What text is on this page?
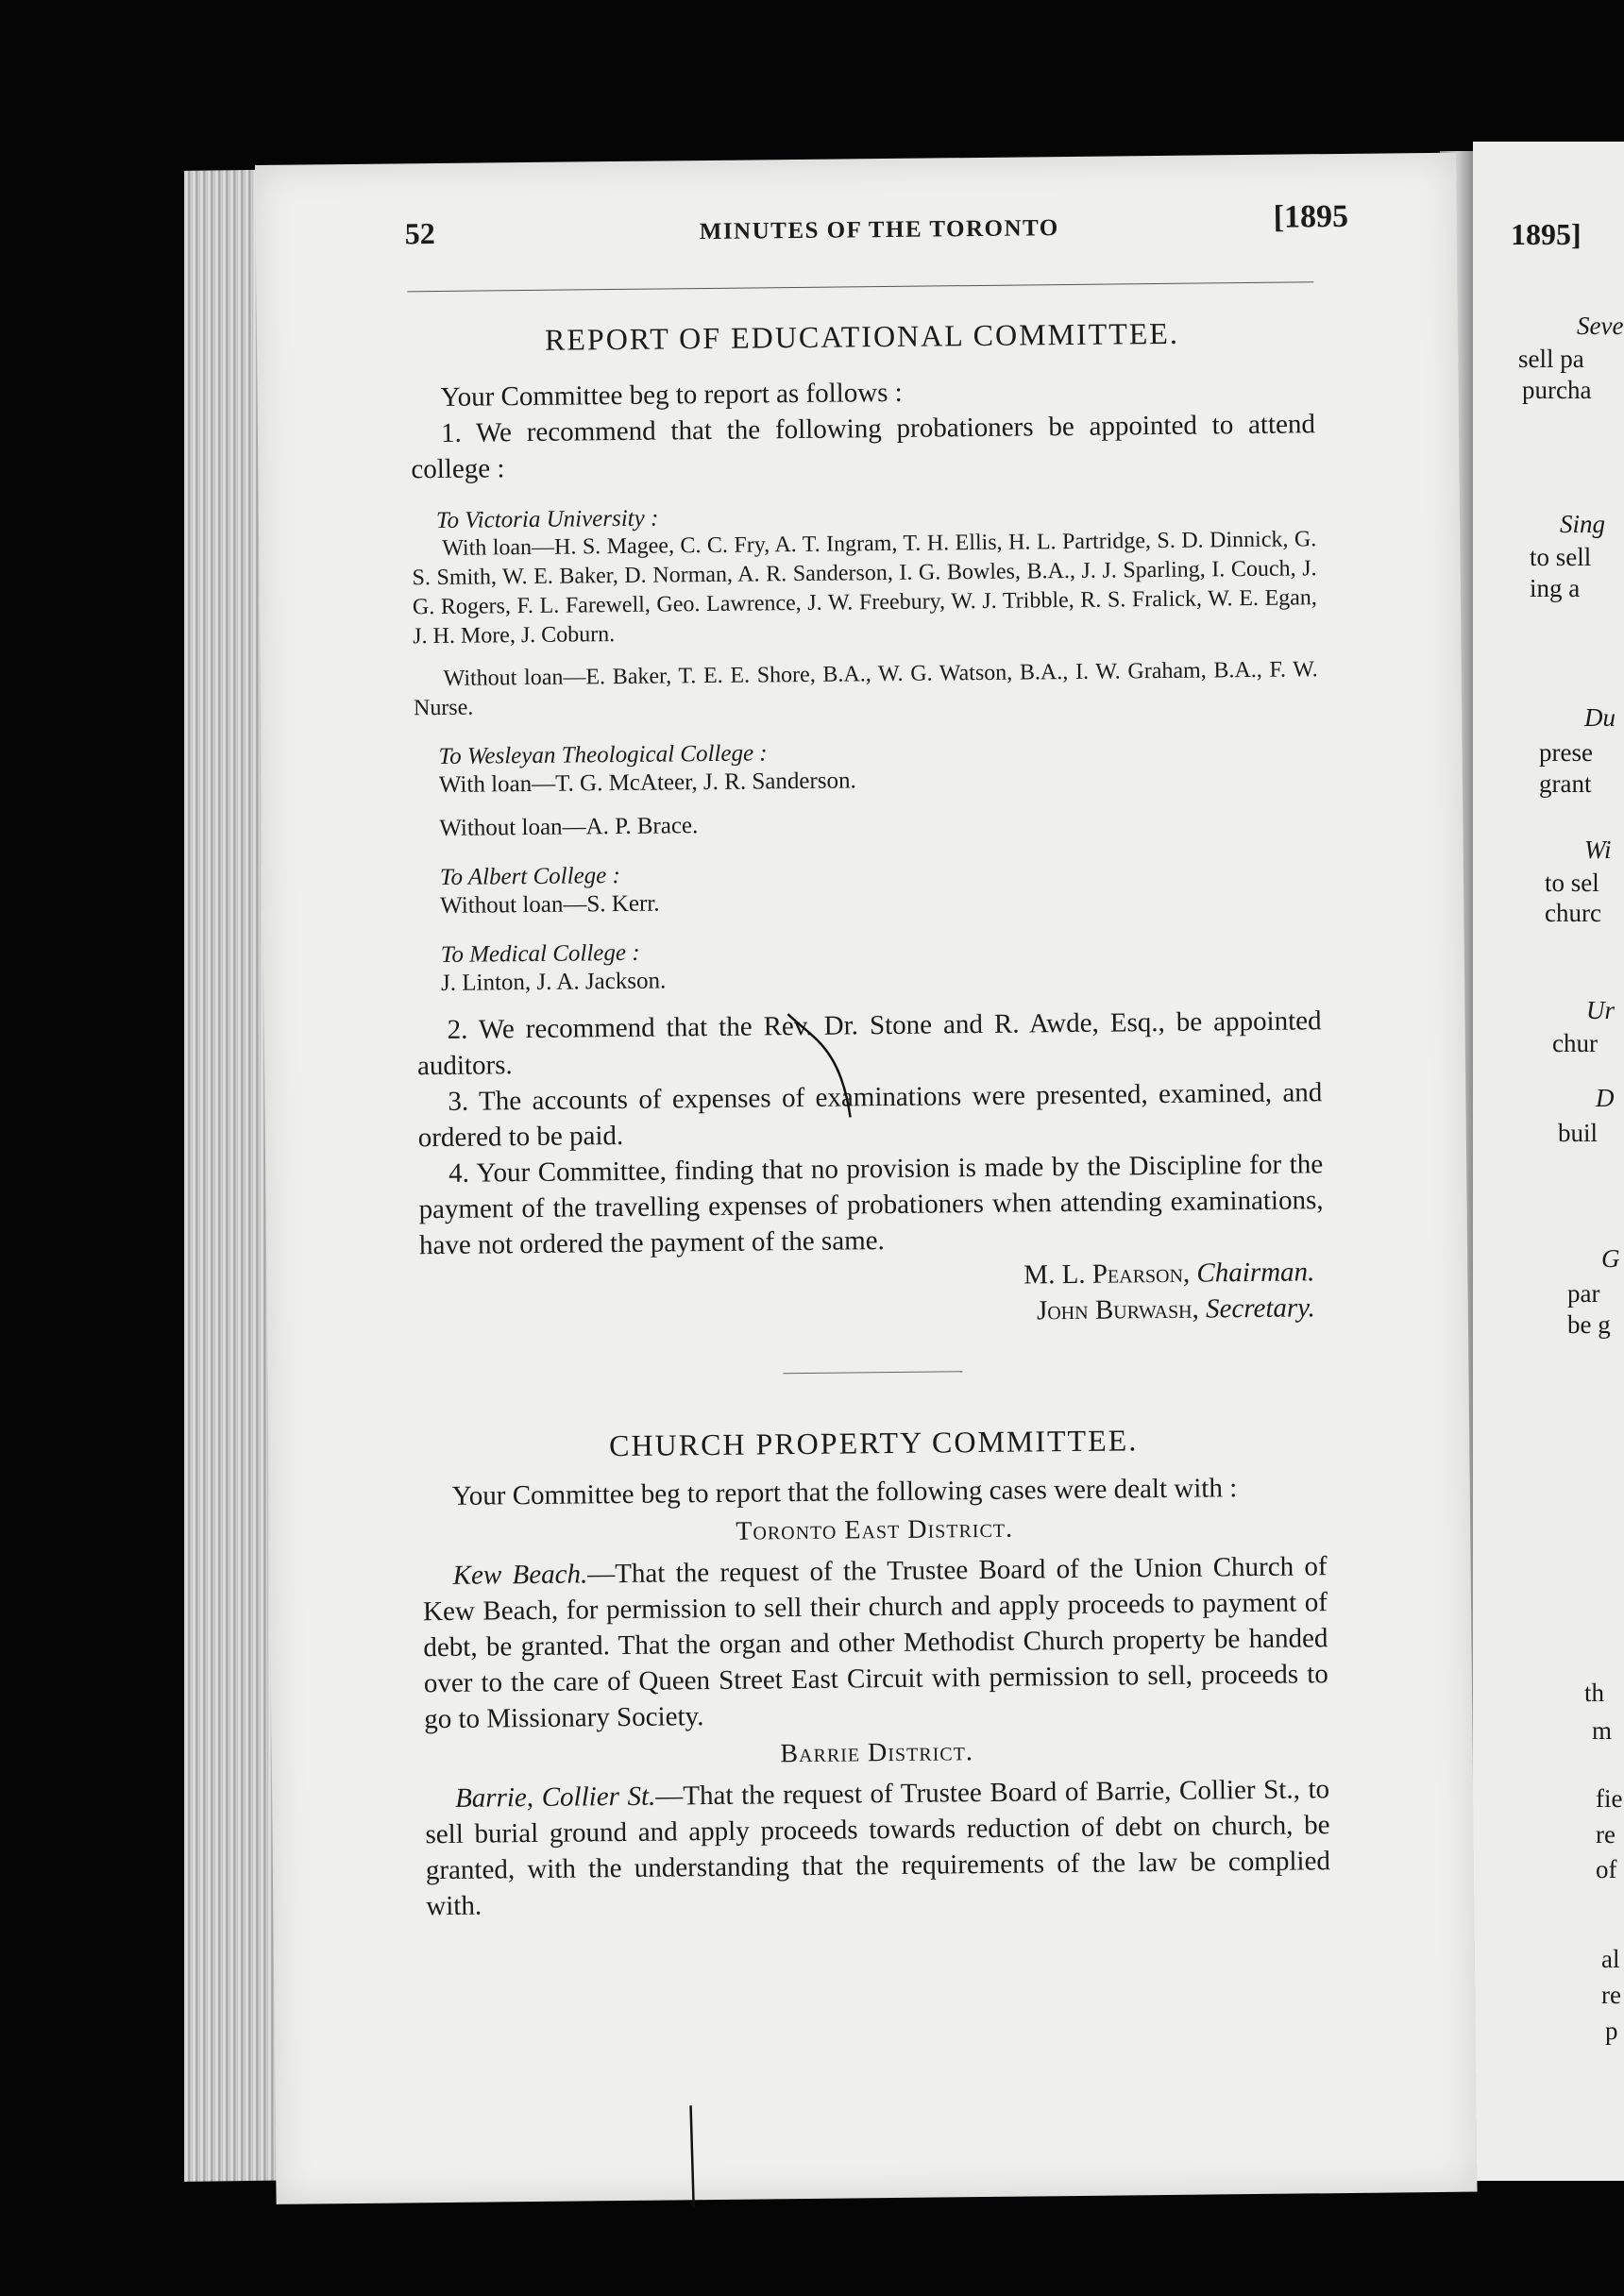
1895]
Seve
sell pa
purcha
Sing
to sell
ing a
Du
prese
grant
Wi
to sel
churc
Ur
chur
D
buil
G
par
be g
th
m
fie
re
of
al
re
p
52	MINUTES OF THE TORONTO	[1895
REPORT OF EDUCATIONAL COMMITTEE.

Your Committee beg to report as follows :

1. We recommend that the following probationers be appointed to attend college :

To Victoria University :

With loan—H. S. Magee, C. C. Fry, A. T. Ingram, T. H. Ellis, H. L. Partridge, S. D. Dinnick, G. S. Smith, W. E. Baker, D. Norman, A. R. Sanderson, I. G. Bowles, B.A., J. J. Sparling, I. Couch, J. G. Rogers, F. L. Farewell, Geo. Lawrence, J. W. Freebury, W. J. Tribble, R. S. Fralick, W. E. Egan, J. H. More, J. Coburn.

Without loan—E. Baker, T. E. E. Shore, B.A., W. G. Watson, B.A., I. W. Graham, B.A., F. W. Nurse.

To Wesleyan Theological College :

With loan—T. G. McAteer, J. R. Sanderson.

Without loan—A. P. Brace.

To Albert College :

Without loan—S. Kerr.

To Medical College :

J. Linton, J. A. Jackson.

2. We recommend that the Rev. Dr. Stone and R. Awde, Esq., be appointed auditors.

3. The accounts of expenses of examinations were presented, examined, and ordered to be paid.

4. Your Committee, finding that no provision is made by the Discipline for the payment of the travelling expenses of probationers when attending examinations, have not ordered the payment of the same.

M. L. Pearson, Chairman.

John Burwash, Secretary.

CHURCH PROPERTY COMMITTEE.

Your Committee beg to report that the following cases were dealt with :

Toronto East District.

Kew Beach.—That the request of the Trustee Board of the Union Church of Kew Beach, for permission to sell their church and apply proceeds to payment of debt, be granted. That the organ and other Methodist Church property be handed over to the care of Queen Street East Circuit with permission to sell, proceeds to go to Missionary Society.

Barrie District.

Barrie, Collier St.—That the request of Trustee Board of Barrie, Collier St., to sell burial ground and apply proceeds towards reduction of debt on church, be granted, with the understanding that the requirements of the law be complied with.
